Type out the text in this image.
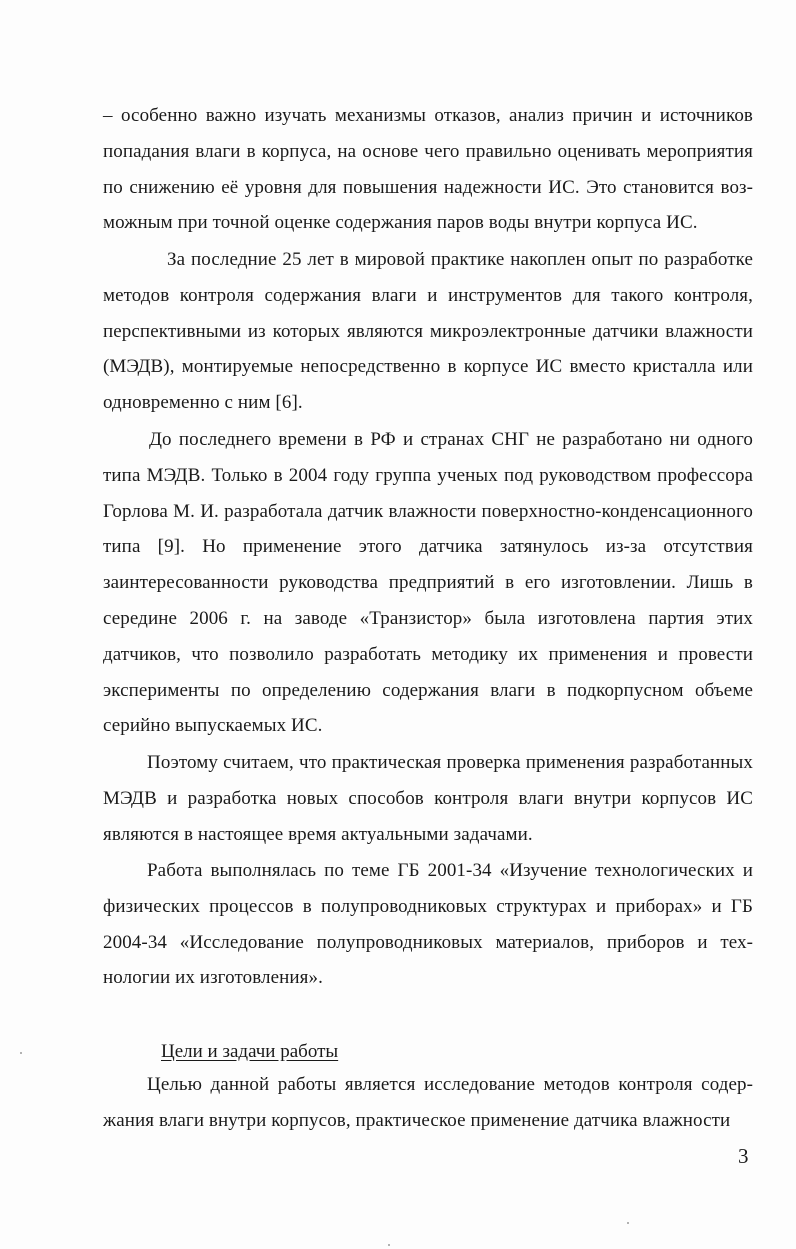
– особенно важно изучать механизмы отказов, анализ причин и источников попадания влаги в корпуса, на основе чего правильно оценивать мероприятия по снижению её уровня для повышения надежности ИС. Это становится возможным при точной оценке содержания паров воды внутри корпуса ИС.

За последние 25 лет в мировой практике накоплен опыт по разработке методов контроля содержания влаги и инструментов для такого контроля, перспективными из которых являются микроэлектронные датчики влажности (МЭДВ), монтируемые непосредственно в корпусе ИС вместо кристалла или одновременно с ним [6].

До последнего времени в РФ и странах СНГ не разработано ни одного типа МЭДВ. Только в 2004 году группа ученых под руководством профессора Горлова М. И. разработала датчик влажности поверхностно-конденсационного типа [9]. Но применение этого датчика затянулось из-за отсутствия заинтересованности руководства предприятий в его изготовлении. Лишь в середине 2006 г. на заводе «Транзистор» была изготовлена партия этих датчиков, что позволило разработать методику их применения и провести эксперименты по определению содержания влаги в подкорпусном объеме серийно выпускаемых ИС.

Поэтому считаем, что практическая проверка применения разработанных МЭДВ и разработка новых способов контроля влаги внутри корпусов ИС являются в настоящее время актуальными задачами.

Работа выполнялась по теме ГБ 2001-34 «Изучение технологических и физических процессов в полупроводниковых структурах и приборах» и ГБ 2004-34 «Исследование полупроводниковых материалов, приборов и технологии их изготовления».

Цели и задачи работы

Целью данной работы является исследование методов контроля содержания влаги внутри корпусов, практическое применение датчика влажности

3
